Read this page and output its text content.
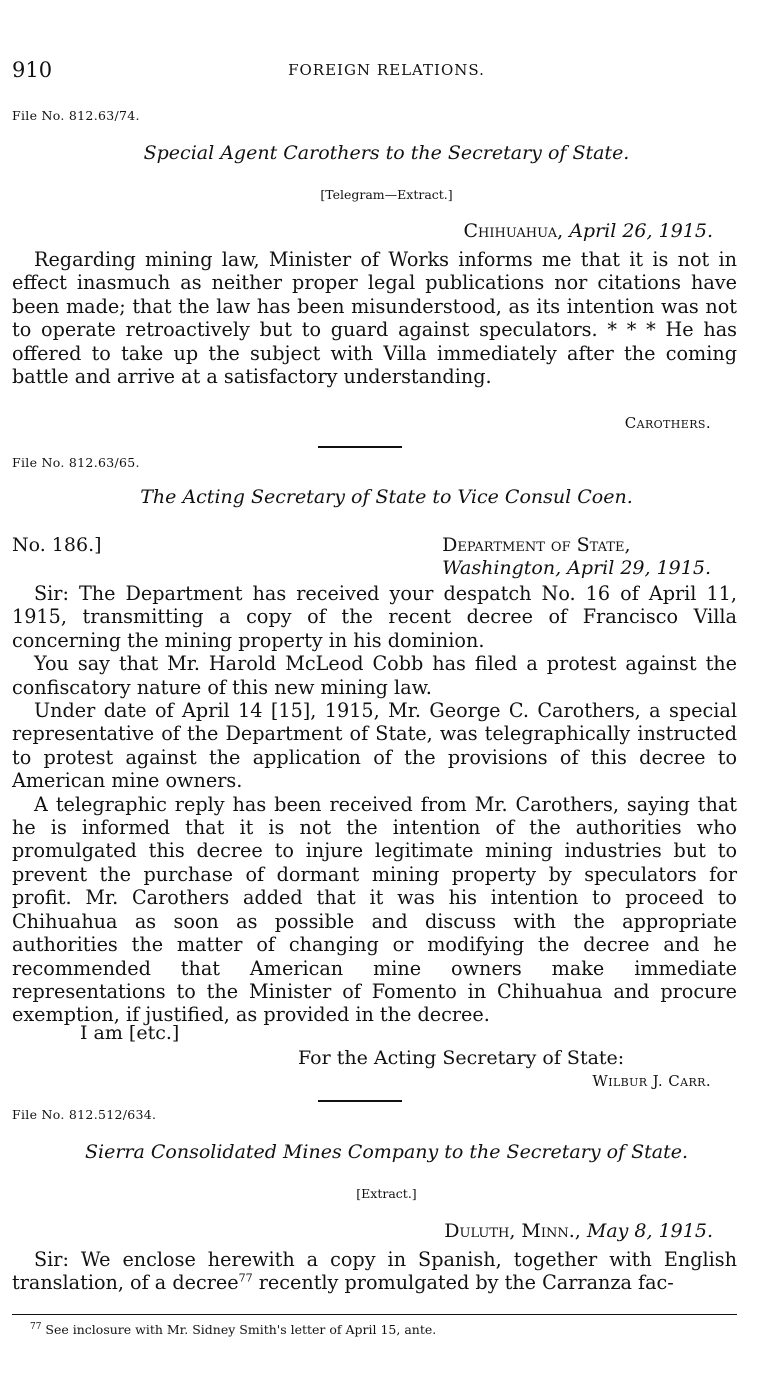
910	FOREIGN RELATIONS.
File No. 812.63/74.
Special Agent Carothers to the Secretary of State.
[Telegram—Extract.]
Chihuahua, April 26, 1915.

Regarding mining law, Minister of Works informs me that it is not in effect inasmuch as neither proper legal publications nor citations have been made; that the law has been misunderstood, as its intention was not to operate retroactively but to guard against speculators. * * * He has offered to take up the subject with Villa immediately after the coming battle and arrive at a satisfactory understanding.

Carothers.
File No. 812.63/65.
The Acting Secretary of State to Vice Consul Coen.
No. 186.]	Department of State,
Washington, April 29, 1915.

Sir: The Department has received your despatch No. 16 of April 11, 1915, transmitting a copy of the recent decree of Francisco Villa concerning the mining property in his dominion.

You say that Mr. Harold McLeod Cobb has filed a protest against the confiscatory nature of this new mining law.

Under date of April 14 [15], 1915, Mr. George C. Carothers, a special representative of the Department of State, was telegraphically instructed to protest against the application of the provisions of this decree to American mine owners.

A telegraphic reply has been received from Mr. Carothers, saying that he is informed that it is not the intention of the authorities who promulgated this decree to injure legitimate mining industries but to prevent the purchase of dormant mining property by speculators for profit. Mr. Carothers added that it was his intention to proceed to Chihuahua as soon as possible and discuss with the appropriate authorities the matter of changing or modifying the decree and he recommended that American mine owners make immediate representations to the Minister of Fomento in Chihuahua and procure exemption, if justified, as provided in the decree.

I am [etc.]
For the Acting Secretary of State:
Wilbur J. Carr.
File No. 812.512/634.
Sierra Consolidated Mines Company to the Secretary of State.
[Extract.]
Duluth, Minn., May 8, 1915.

Sir: We enclose herewith a copy in Spanish, together with English translation, of a decree$^{77}$ recently promulgated by the Carranza fac-

$^{77}$ See inclosure with Mr. Sidney Smith's letter of April 15, ante.
